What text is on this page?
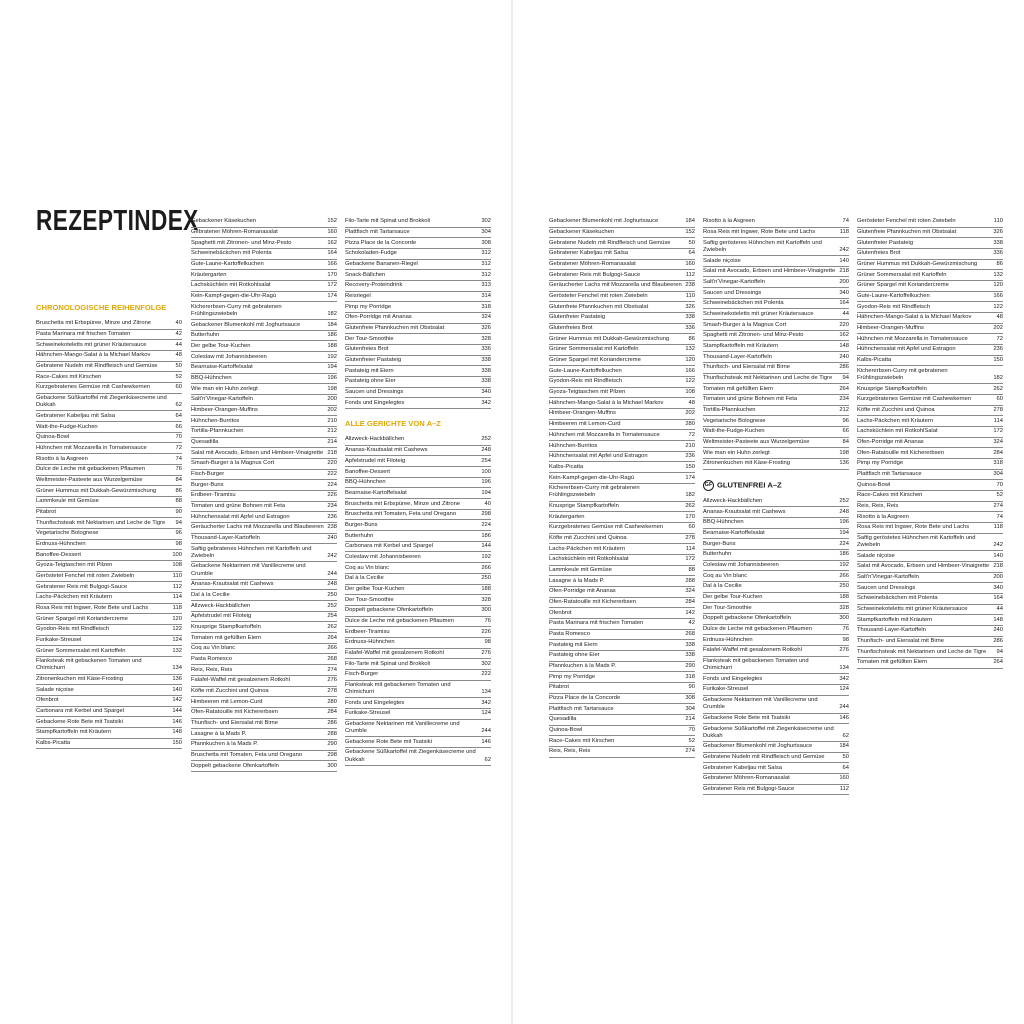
REZEPTINDEX
CHRONOLOGISCHE REIHENFOLGE
Bruschetta mit Erbspüree, Minze und Zitrone	40
Pasta Marinara mit frischen Tomaten	42
Schweinekoteletts mit grüner Kräutersauce	44
Hähnchen-Mango-Salat à la Michael Markov	48
Gebratene Nudeln mit Rindfleisch und Gemüse	50
Race-Cakes mit Kirschen	52
Kurzgebratenes Gemüse mit Cashewkernen	60
Gebackene Süßkartoffel mit Ziegenkäsecreme und Dukkah	62
Gebratener Kabeljau mit Salsa	64
Watt-the-Fudge-Kuchen	66
Quinoa-Bowl	70
Hühnchen mit Mozzarella in Tomatensauce	72
Risotto à la Asgreen	74
Dulce de Leche mit gebackenen Pflaumen	76
Weltmeister-Pasteete aus Wurzelgemüse	84
Grüner Hummus mit Dukkah-Gewürzmischung	86
Lammkeule mit Gemüse	88
Pitabrot	90
Thunfischsteak mit Nektarinen und Leche de Tigre	94
Vegetarische Bolognese	96
Erdnuss-Hühnchen	98
Banoffee-Dessert	100
Gyoza-Teigtaschen mit Pilzen	108
Geröstetet Fenchel mit roten Zwiebeln	110
Gebratener Reis mit Bulgogi-Sauce	112
Lachs-Päckchen mit Kräutern	114
Rosa Reis mit Ingwer, Rote Bete und Lachs	118
Grüner Spargel mit Koriandercreme	120
Gyodon-Reis mit Rindfleisch	122
Furikake-Streusel	124
Grüner Sommersalat mit Kartoffeln	132
Flanksteak mit gebackenen Tomaten und Chimichurri	134
Zitronenkuchen mit Käse-Frosting	136
Salade niçoise	140
Ofenbrot	142
Carbonara mit Kerbel und Spargel	144
Gebackene Rote Bete mit Tsatsiki	146
Stampfkartoffeln mit Kräutern	148
Kalbs-Picatta	150
Gebackener Käsekuchen	152
Gebratener Möhren-Romanasalat	160
Spaghetti mit Zitronen- und Minz-Pesto	162
Schweinebäckchen mit Polenta	164
Gute-Laune-Kartoffelkuchen	166
Kräutergarten	170
Lachsküchlein mit Rotkohlsalat	172
Kein-Kampf-gegen-die-Uhr-Ragù	174
Kichererbsen-Curry mit gebratenen Frühlingszwiebeln	182
Gebackener Blumenkohl mit Joghurtsauce	184
Butterhuhn	186
Der gelbe Tour-Kuchen	188
Coleslaw mit Johannisbeeren	192
Bearnaise-Kartoffelsalat	194
BBQ-Hühnchen	196
Wie man ein Huhn zerlegt	198
Salt'n'Vinegar-Kartoffeln	200
Himbeer-Orangen-Muffins	202
Hühnchen-Burritos	210
Tortilla-Pfannkuchen	212
Quesadilla	214
Salat mit Avocado, Erbsen und Himbeer-Vinaigrette 218
Smash-Burger à la Magnus Cort	220
Fisch-Burger	222
Burger-Buns	224
Erdbeer-Tiramisu	226
Tomaten und grüne Bohnen mit Feta	234
Hühnchensalat mit Apfel und Estragon	236
Geräucherter Lachs mit Mozzarella und Blaubeeren 238
Thousand-Layer-Kartoffeln	240
Saftig gebratenes Hühnchen mit Kartoffeln und Zwiebeln	242
Gebackene Nektarinen mit Vanillecreme und Crumble	244
Ananas-Krautsalat mit Cashews	248
Dal à la Cecilie	250
Allzweck-Hackbällchen	252
Apfelstrudel mit Filoteig	254
Knusprige Stampfkartoffeln	262
Tomaten mit gefüllten Eiern	264
Coq au Vin blanc	266
Pasta Romesco	268
Reis, Reis, Reis	274
Falafel-Waffel mit gesalzenem Rotkohl	276
Köfte mit Zucchini und Quinoa	278
Himbeeren mit Lemon-Curd	280
Ofen-Ratatouille mit Kichererbsen	284
Thunfisch- und Eiersalat mit Birne	286
Lasagne à la Mads P.	288
Pfannkuchen à la Mads P.	290
Bruschetta mit Tomaten, Feta und Oregano	298
Doppelt gebackene Ofenkartoffeln	300
Filo-Tarte mit Spinat und Brokkoli	302
Plattfisch mit Tartarsauce	304
Pizza Place de la Concorde	308
Schokoladen-Fudge	312
Gebackene Bananen-Riegel	312
Snack-Bällchen	312
Recovery-Proteindrink	313
Reisriegel	314
Pimp my Porridge	318
Ofen-Porridge mit Ananas	324
Glutenfreie Pfannkuchen mit Obstsalat	326
Der Tour-Smoothie	328
Glutenfreies Brot	336
Glutenfreier Pastateig	338
Pastateig mit Eiern	338
Pastateig ohne Eier	338
Saucen und Dressings	340
Fonds und Eingelegtes	342
ALLE GERICHTE VON A–Z
Allzweck-Hackbällchen	252
Ananas-Krautsalat mit Cashews	248
Apfelstrudel mit Filoteig	254
Banoffee-Dessert	100
BBQ-Hühnchen	196
Bearnaise-Kartoffelsalat	194
Bruschetta mit Erbspüree, Minze und Zitrone	40
Bruschetta mit Tomaten, Feta und Oregano	298
Burger-Buns	224
Butterhuhn	186
Carbonara mit Kerbel und Spargel	144
Coleslaw mit Johannisbeeren	192
Coq au Vin blanc	266
Dal à la Cecilie	250
Der gelbe Tour-Kuchen	188
Der Tour-Smoothie	328
Doppelt gebackene Ofenkartoffeln	300
Dulce de Leche mit gebackenen Pflaumen	76
Erdbeer-Tiramisu	226
Erdnuss-Hühnchen	98
Falafel-Waffel mit gesalzenem Rotkohl	276
Filo-Tarte mit Spinat und Brokkoli	302
Fisch-Burger	222
Flanksteak mit gebackenen Tomaten und Chimichurri	134
Fonds und Eingelegtes	342
Furikake-Streusel	124
Gebackene Nektarinen mit Vanillecreme und Crumble	244
Gebackene Rote Bete mit Tsatsiki	146
Gebackene Süßkartoffel mit Ziegenkäsecreme und Dukkah	62
Gebackener Blumenkohl mit Joghurtsauce	184
Gebackener Käsekuchen	152
Gebratene Nudeln mit Rindfleisch und Gemüse	50
Gebratener Kabeljau mit Salsa	64
Gebratener Möhren-Romanasalat	160
Gebratener Reis mit Bulgogi-Sauce	112
Geräucherter Lachs mit Mozzarella und Blaubeeren 238
Gerösteter Fenchel mit roten Zwiebeln	110
Glutenfreie Pfannkuchen mit Obstsalat	326
Glutenfreier Pastateig	338
Glutenfreies Brot	336
Grüner Hummus mit Dukkah-Gewürzmischung	86
Grüner Sommersalat mit Kartoffeln	132
Grüner Spargel mit Koriandercreme	120
Gute-Laune-Kartoffelkuchen	166
Gyodon-Reis mit Rindfleisch	122
Gyoza-Teigtaschen mit Pilzen	108
Hähnchen-Mango-Salat à la Michael Markov	48
Himbeer-Orangen-Muffins	202
Himbeeren mit Lemon-Curd	280
Hühnchen mit Mozzarella in Tomatensauce	72
Hühnchen-Burritos	210
Hühnchensalat mit Apfel und Estragon	236
Kalbs-Picatta	150
Kein-Kampf-gegen-die-Uhr-Ragù	174
Kichererbsen-Curry mit gebratenen Frühlingszwiebeln	182
Knusprige Stampfkartoffeln	262
Kräutergarten	170
Kurzgebratenes Gemüse mit Cashewkernen	60
Köfte mit Zucchini und Quinoa	278
Lachs-Päckchen mit Kräutern	114
Lachsküchlein mit Rotkohlsalat	172
Lammkeule mit Gemüse	88
Lasagne à la Mads P.	288
Ofen-Porridge mit Ananas	324
Ofen-Ratatouille mit Kichererbsen	284
Ofenbrot	142
Pasta Marinara mit frischen Tomaten	42
Pasta Romesco	268
Pastateig mit Eiern	338
Pastateig ohne Eier	338
Pfannkuchen à la Mads P.	290
Pimp my Porridge	318
Pitabrot	90
Pizza Place de la Concorde	308
Plattfisch mit Tartarsauce	304
Quesadilla	214
Quinoa-Bowl	70
Race-Cakes mit Kirschen	52
Reis, Reis, Reis	274
Risotto à la Asgreen	74
Rosa Reis mit Ingwer, Rote Bete und Lachs	118
Saftig gerösteres Hühnchen mit Kartoffeln und Zwiebeln	242
Salade niçoise	140
Salat mit Avocado, Erbsen und Himbeer-Vinaigrette 218
Salt'n'Vinegar-Kartoffeln	200
Saucen und Dressings	340
Schweinebäckchen mit Polenta	164
Schweinekoteletts mit grüner Kräutersauce	44
Smash-Burger à la Magnus Cort	220
Spaghetti mit Zitronen- und Minz-Pesto	162
Stampfkartoffeln mit Kräutern	148
Thousand-Layer-Kartoffeln	240
Thunfisch- und Eiersalat mit Birne	286
Thunfischsteak mit Nektarinen und Leche de Tigre	94
Tomaten mit gefüllten Eiern	264
Tomaten und grüne Bohnen mit Feta	234
Tortilla-Pfannkuchen	212
Vegetarische Bolognese	96
Watt-the-Fudge-Kuchen	66
Weltmeister-Pasteete aus Wurzelgemüse	84
Wie man ein Huhn zerlegt	198
Zitronenkuchen mit Käse-Frosting	136
GF GLUTENFREI A–Z
Allzweck-Hackbällchen	252
Ananas-Krautsalat mit Cashews	248
BBQ-Hühnchen	196
Bearnaise-Kartoffelsalat	194
Burger-Buns	224
Butterhuhn	186
Coleslaw mit Johannisbeeren	192
Coq au Vin blanc	266
Dal à la Cecilie	250
Der gelbe Tour-Kuchen	188
Der Tour-Smoothie	328
Doppelt gebackene Ofenkartoffeln	300
Dulce de Leche mit gebackenen Pflaumen	76
Erdnuss-Hühnchen	98
Falafel-Waffel mit gesalzenem Rotkohl	276
Flanksteak mit gebackenen Tomaten und Chimichurri	134
Fonds und Eingelegtes	342
Furikake-Streusel	124
Gebackene Nektarinen mit Vanillecreme und Crumble	244
Gebackene Rote Bete mit Tsatsiki	146
Gebackene Süßkartoffel mit Ziegenkäsecreme und Dukkah	62
Gebackener Blumenkohl mit Joghurtsauce	184
Gebratene Nudeln mit Rindfleisch und Gemüse	50
Gebratener Kabeljau mit Salsa	64
Gebratener Möhren-Romanasalat	160
Gebratener Reis mit Bulgogi-Sauce	112
Gerösteter Fenchel mit roten Zwiebeln	110
Glutenfreie Pfannkuchen mit Obstsalat	326
Glutenfreier Pastateig	338
Glutenfreies Brot	336
Grüner Hummus mit Dukkah-Gewürzmischung	86
Grüner Sommersalat mit Kartoffeln	132
Grüner Spargel mit Koriandercreme	120
Gute-Laune-Kartoffelkuchen	166
Gyodon-Reis mit Rindfleisch	122
Hähnchen-Mango-Salat à la Michael Markov	48
Himbeer-Orangen-Muffins	202
Hühnchen mit Mozzarella in Tomatensauce	72
Hühnchensalat mit Apfel und Estragon	236
Kalbs-Picatta	150
Kichererbsen-Curry mit gebratenen Frühlingszwiebeln	182
Knusprige Stampfkartoffeln	262
Kurzgebratenes Gemüse mit Cashewkernen	60
Köfte mit Zucchini und Quinoa	278
Lachs-Päckchen mit Kräutern	114
Lachsküchlein mit RotkohlSalat	172
Ofen-Porridge mit Ananas	324
Ofen-Ratatouille mit Kichererbsen	284
Pimp my Porridge	318
Plattfisch mit Tartarsauce	304
Quinoa-Bowl	70
Race-Cakes mit Kirschen	52
Reis, Reis, Reis	274
Risotto à la Asgreen	74
Rosa Reis mit Ingwer, Rote Bete und Lachs	118
Saftig geröstetes Hühnchen mit Kartoffeln und Zwiebeln	242
Salade niçoise	140
Salat mit Avocado, Erbsen und Himbeer-Vinaigrette 218
Salt'n'Vinegar-Kartoffeln	200
Saucen und Dressings	340
Schweinebäckchen mit Polenta	164
Schweinekoteletts mit grüner Kräutersauce	44
Stampfkartoffeln mit Kräutern	148
Thousand-Layer-Kartoffeln	240
Thunfisch- und Eiersalat mit Birne	286
Thunfischsteak mit Nektarinen und Leche de Tigre	94
Tomaten mit gefüllten Eiern	264
